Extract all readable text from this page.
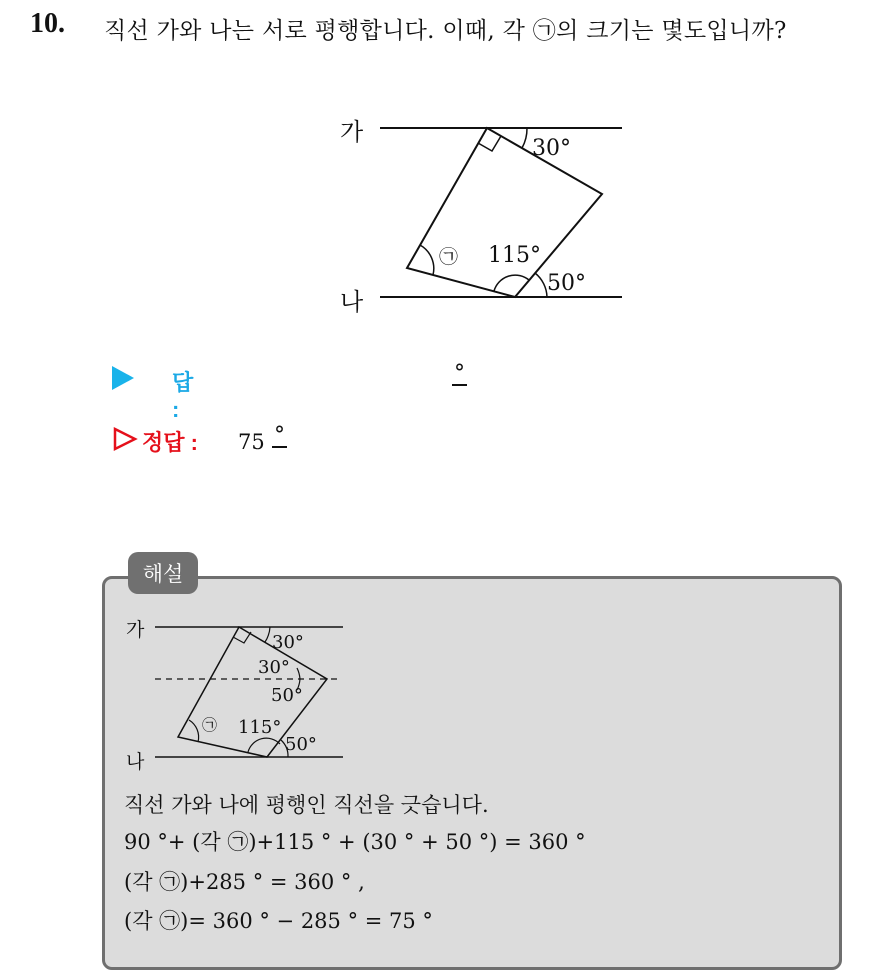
10. 직선 가와 나는 서로 평행합니다. 이때, 각 ㉠의 크기는 몇도입니까?
가
나
30°
㉠ 115°
50°
답 :
°
정답 : 75 °
해설
가
나
30°
30°
50°
㉠ 115°
50°
직선 가와 나에 평행인 직선을 긋습니다.
90 °+ (각 ㉠)+115 ° + (30 ° + 50 °) = 360 °
(각 ㉠)+285 ° = 360 ° ,
(각 ㉠)= 360 ° − 285 ° = 75 °
